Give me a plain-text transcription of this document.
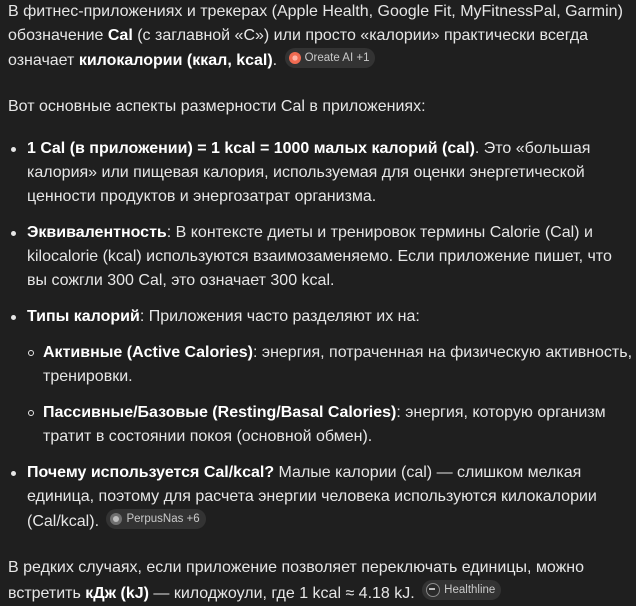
В фитнес-приложениях и трекерах (Apple Health, Google Fit, MyFitnessPal, Garmin) обозначение Cal (с заглавной «C») или просто «калории» практически всегда означает килокалории (ккал, kcal). Oreate AI +1

Вот основные аспекты размерности Cal в приложениях:

1 Cal (в приложении) = 1 kcal = 1000 малых калорий (cal). Это «большая калория» или пищевая калория, используемая для оценки энергетической ценности продуктов и энергозатрат организма.
Эквивалентность: В контексте диеты и тренировок термины Calorie (Cal) и kilocalorie (kcal) используются взаимозаменяемо. Если приложение пишет, что вы сожгли 300 Cal, это означает 300 kcal.
Типы калорий: Приложения часто разделяют их на:
Активные (Active Calories): энергия, потраченная на физическую активность, тренировки.
Пассивные/Базовые (Resting/Basal Calories): энергия, которую организм тратит в состоянии покоя (основной обмен).
Почему используется Cal/kcal? Малые калории (cal) — слишком мелкая единица, поэтому для расчета энергии человека используются килокалории (Cal/kcal). PerpusNas +6

В редких случаях, если приложение позволяет переключать единицы, можно встретить кДж (kJ) — килоджоули, где 1 kcal ≈ 4.18 kJ.	Healthline
